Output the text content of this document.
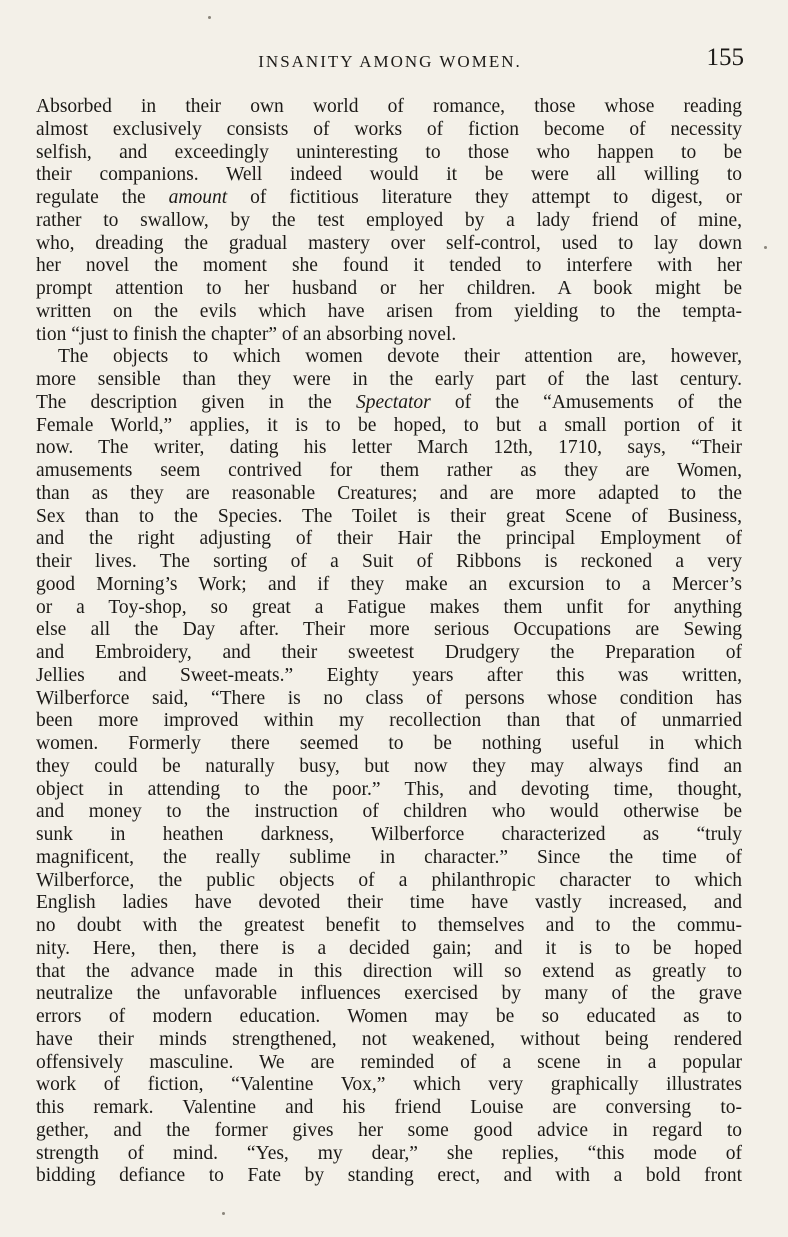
INSANITY AMONG WOMEN.	155
Absorbed in their own world of romance, those whose reading
almost exclusively consists of works of fiction become of necessity
selfish, and exceedingly uninteresting to those who happen to be
their companions. Well indeed would it be were all willing to
regulate the amount of fictitious literature they attempt to digest, or
rather to swallow, by the test employed by a lady friend of mine,
who, dreading the gradual mastery over self-control, used to lay down
her novel the moment she found it tended to interfere with her
prompt attention to her husband or her children. A book might be
written on the evils which have arisen from yielding to the tempta-
tion “just to finish the chapter” of an absorbing novel.
The objects to which women devote their attention are, however,
more sensible than they were in the early part of the last century.
The description given in the Spectator of the “Amusements of the
Female World,” applies, it is to be hoped, to but a small portion of it
now. The writer, dating his letter March 12th, 1710, says, “Their
amusements seem contrived for them rather as they are Women,
than as they are reasonable Creatures; and are more adapted to the
Sex than to the Species. The Toilet is their great Scene of Business,
and the right adjusting of their Hair the principal Employment of
their lives. The sorting of a Suit of Ribbons is reckoned a very
good Morning’s Work; and if they make an excursion to a Mercer’s
or a Toy-shop, so great a Fatigue makes them unfit for anything
else all the Day after. Their more serious Occupations are Sewing
and Embroidery, and their sweetest Drudgery the Preparation of
Jellies and Sweet-meats.” Eighty years after this was written,
Wilberforce said, “There is no class of persons whose condition has
been more improved within my recollection than that of unmarried
women. Formerly there seemed to be nothing useful in which
they could be naturally busy, but now they may always find an
object in attending to the poor.” This, and devoting time, thought,
and money to the instruction of children who would otherwise be
sunk in heathen darkness, Wilberforce characterized as “truly
magnificent, the really sublime in character.” Since the time of
Wilberforce, the public objects of a philanthropic character to which
English ladies have devoted their time have vastly increased, and
no doubt with the greatest benefit to themselves and to the commu-
nity. Here, then, there is a decided gain; and it is to be hoped
that the advance made in this direction will so extend as greatly to
neutralize the unfavorable influences exercised by many of the grave
errors of modern education. Women may be so educated as to
have their minds strengthened, not weakened, without being rendered
offensively masculine. We are reminded of a scene in a popular
work of fiction, “Valentine Vox,” which very graphically illustrates
this remark. Valentine and his friend Louise are conversing to-
gether, and the former gives her some good advice in regard to
strength of mind. “Yes, my dear,” she replies, “this mode of
bidding defiance to Fate by standing erect, and with a bold front
